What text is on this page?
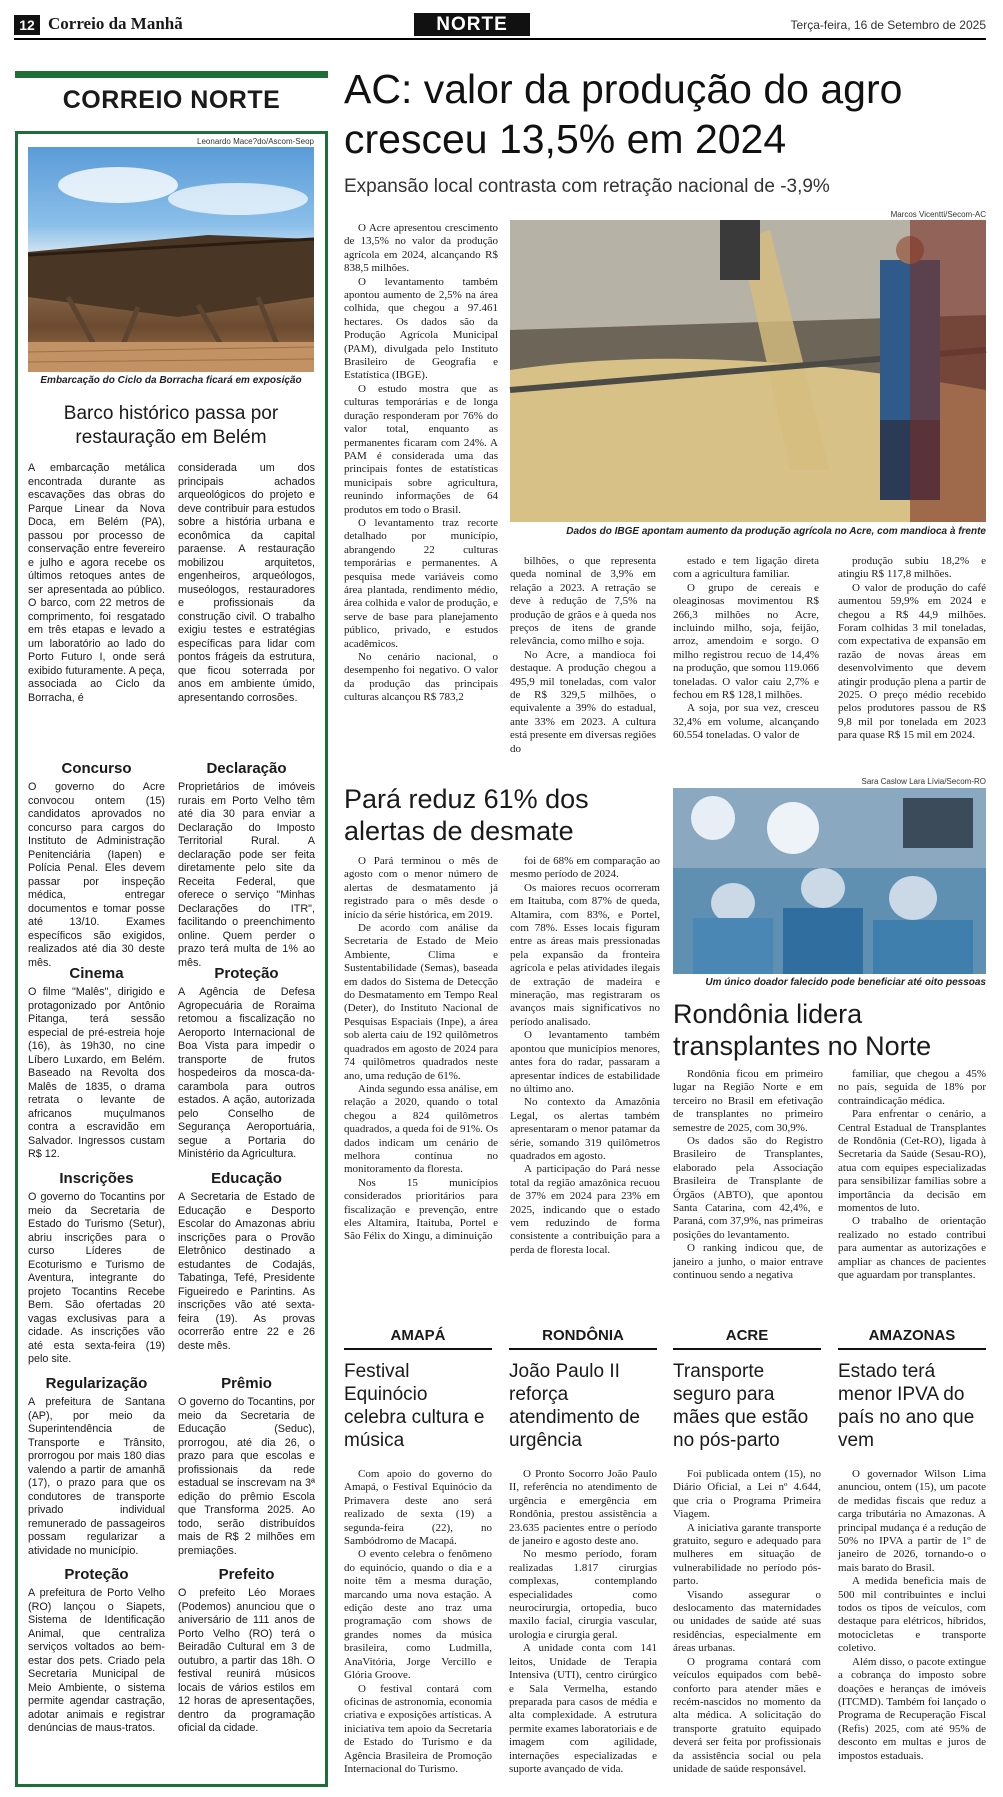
12 Correio da Manhã	NORTE	Terça-feira, 16 de Setembro de 2025
CORREIO NORTE
Leonardo Mace?do/Ascom-Seop
Embarcação do Ciclo da Borracha ficará em exposição
Barco histórico passa por restauração em Belém
A embarcação metálica encontrada durante as escavações das obras do Parque Linear da Nova Doca, em Belém (PA), passou por processo de conservação entre fevereiro e julho e agora recebe os últimos retoques antes de ser apresentada ao público. O barco, com 22 metros de comprimento, foi resgatado em três etapas e levado a um laboratório ao lado do Porto Futuro I, onde será exibido futuramente. A peça, associada ao Ciclo da Borracha, é
considerada um dos principais achados arqueológicos do projeto e deve contribuir para estudos sobre a história urbana e econômica da capital paraense. A restauração mobilizou arquitetos, engenheiros, arqueólogos, museólogos, restauradores e profissionais da construção civil. O trabalho exigiu testes e estratégias específicas para lidar com pontos frágeis da estrutura, que ficou soterrada por anos em ambiente úmido, apresentando corrosões.
Concurso
O governo do Acre convocou ontem (15) candidatos aprovados no concurso para cargos do Instituto de Administração Penitenciária (Iapen) e Polícia Penal. Eles devem passar por inspeção médica, entregar documentos e tomar posse até 13/10. Exames específicos são exigidos, realizados até dia 30 deste mês.
Cinema
O filme "Malês", dirigido e protagonizado por Antônio Pitanga, terá sessão especial de pré-estreia hoje (16), às 19h30, no cine Líbero Luxardo, em Belém. Baseado na Revolta dos Malês de 1835, o drama retrata o levante de africanos muçulmanos contra a escravidão em Salvador. Ingressos custam R$ 12.
Inscrições
O governo do Tocantins por meio da Secretaria de Estado do Turismo (Setur), abriu inscrições para o curso Líderes de Ecoturismo e Turismo de Aventura, integrante do projeto Tocantins Recebe Bem. São ofertadas 20 vagas exclusivas para a cidade. As inscrições vão até esta sexta-feira (19) pelo site.
Regularização
A prefeitura de Santana (AP), por meio da Superintendência de Transporte e Trânsito, prorrogou por mais 180 dias valendo a partir de amanhã (17), o prazo para que os condutores de transporte privado individual remunerado de passageiros possam regularizar a atividade no município.
Proteção
A prefeitura de Porto Velho (RO) lançou o Siapets, Sistema de Identificação Animal, que centraliza serviços voltados ao bem-estar dos pets. Criado pela Secretaria Municipal de Meio Ambiente, o sistema permite agendar castração, adotar animais e registrar denúncias de maus-tratos.
Declaração
Proprietários de imóveis rurais em Porto Velho têm até dia 30 para enviar a Declaração do Imposto Territorial Rural. A declaração pode ser feita diretamente pelo site da Receita Federal, que oferece o serviço "Minhas Declarações do ITR", facilitando o preenchimento online. Quem perder o prazo terá multa de 1% ao mês.
Proteção
A Agência de Defesa Agropecuária de Roraima retomou a fiscalização no Aeroporto Internacional de Boa Vista para impedir o transporte de frutos hospedeiros da mosca-da-carambola para outros estados. A ação, autorizada pelo Conselho de Segurança Aeroportuária, segue a Portaria do Ministério da Agricultura.
Educação
A Secretaria de Estado de Educação e Desporto Escolar do Amazonas abriu inscrições para o Provão Eletrônico destinado a estudantes de Codajás, Tabatinga, Tefé, Presidente Figueiredo e Parintins. As inscrições vão até sexta-feira (19). As provas ocorrerão entre 22 e 26 deste mês.
Prêmio
O governo do Tocantins, por meio da Secretaria de Educação (Seduc), prorrogou, até dia 26, o prazo para que escolas e profissionais da rede estadual se inscrevam na 3ª edição do prêmio Escola que Transforma 2025. Ao todo, serão distribuídos mais de R$ 2 milhões em premiações.
Prefeito
O prefeito Léo Moraes (Podemos) anunciou que o aniversário de 111 anos de Porto Velho (RO) terá o Beiradão Cultural em 3 de outubro, a partir das 18h. O festival reunirá músicos locais de vários estilos em 12 horas de apresentações, dentro da programação oficial da cidade.
AC: valor da produção do agro cresceu 13,5% em 2024
Expansão local contrasta com retração nacional de -3,9%
Marcos Vicentti/Secom-AC
Dados do IBGE apontam aumento da produção agrícola no Acre, com mandioca à frente

O Acre apresentou crescimento de 13,5% no valor da produção agrícola em 2024, alcançando R$ 838,5 milhões.

O levantamento também apontou aumento de 2,5% na área colhida, que chegou a 97.461 hectares. Os dados são da Produção Agrícola Municipal (PAM), divulgada pelo Instituto Brasileiro de Geografia e Estatística (IBGE).

O estudo mostra que as culturas temporárias e de longa duração responderam por 76% do valor total, enquanto as permanentes ficaram com 24%. A PAM é considerada uma das principais fontes de estatísticas municipais sobre agricultura, reunindo informações de 64 produtos em todo o Brasil.

O levantamento traz recorte detalhado por município, abrangendo 22 culturas temporárias e permanentes. A pesquisa mede variáveis como área plantada, rendimento médio, área colhida e valor de produção, e serve de base para planejamento público, privado, e estudos acadêmicos.

No cenário nacional, o desempenho foi negativo. O valor da produção das principais culturas alcançou R$ 783,2

bilhões, o que representa queda nominal de 3,9% em relação a 2023. A retração se deve à redução de 7,5% na produção de grãos e à queda nos preços de itens de grande relevância, como milho e soja.

No Acre, a mandioca foi destaque. A produção chegou a 495,9 mil toneladas, com valor de R$ 329,5 milhões, o equivalente a 39% do estadual, ante 33% em 2023. A cultura está presente em diversas regiões do

estado e tem ligação direta com a agricultura familiar.

O grupo de cereais e oleaginosas movimentou R$ 266,3 milhões no Acre, incluindo milho, soja, feijão, arroz, amendoim e sorgo. O milho registrou recuo de 14,4% na produção, que somou 119.066 toneladas. O valor caiu 2,7% e fechou em R$ 128,1 milhões.

A soja, por sua vez, cresceu 32,4% em volume, alcançando 60.554 toneladas. O valor de

produção subiu 18,2% e atingiu R$ 117,8 milhões.

O valor de produção do café aumentou 59,9% em 2024 e chegou a R$ 44,9 milhões. Foram colhidas 3 mil toneladas, com expectativa de expansão em razão de novas áreas em desenvolvimento que devem atingir produção plena a partir de 2025. O preço médio recebido pelos produtores passou de R$ 9,8 mil por tonelada em 2023 para quase R$ 15 mil em 2024.

Pará reduz 61% dos alertas de desmate

O Pará terminou o mês de agosto com o menor número de alertas de desmatamento já registrado para o mês desde o início da série histórica, em 2019.

De acordo com análise da Secretaria de Estado de Meio Ambiente, Clima e Sustentabilidade (Semas), baseada em dados do Sistema de Detecção do Desmatamento em Tempo Real (Deter), do Instituto Nacional de Pesquisas Espaciais (Inpe), a área sob alerta caiu de 192 quilômetros quadrados em agosto de 2024 para 74 quilômetros quadrados neste ano, uma redução de 61%.

Ainda segundo essa análise, em relação a 2020, quando o total chegou a 824 quilômetros quadrados, a queda foi de 91%. Os dados indicam um cenário de melhora contínua no monitoramento da floresta.

Nos 15 municípios considerados prioritários para fiscalização e prevenção, entre eles Altamira, Itaituba, Portel e São Félix do Xingu, a diminuição

foi de 68% em comparação ao mesmo período de 2024.

Os maiores recuos ocorreram em Itaituba, com 87% de queda, Altamira, com 83%, e Portel, com 78%. Esses locais figuram entre as áreas mais pressionadas pela expansão da fronteira agrícola e pelas atividades ilegais de extração de madeira e mineração, mas registraram os avanços mais significativos no período analisado.

O levantamento também apontou que municípios menores, antes fora do radar, passaram a apresentar índices de estabilidade no último ano.

No contexto da Amazônia Legal, os alertas também apresentaram o menor patamar da série, somando 319 quilômetros quadrados em agosto.

A participação do Pará nesse total da região amazônica recuou de 37% em 2024 para 23% em 2025, indicando que o estado vem reduzindo de forma consistente a contribuição para a perda de floresta local.

Sara Caslow Lara Lívia/Secom-RO
Um único doador falecido pode beneficiar até oito pessoas
Rondônia lidera transplantes no Norte

Rondônia ficou em primeiro lugar na Região Norte e em terceiro no Brasil em efetivação de transplantes no primeiro semestre de 2025, com 30,9%.

Os dados são do Registro Brasileiro de Transplantes, elaborado pela Associação Brasileira de Transplante de Órgãos (ABTO), que apontou Santa Catarina, com 42,4%, e Paraná, com 37,9%, nas primeiras posições do levantamento.

O ranking indicou que, de janeiro a junho, o maior entrave continuou sendo a negativa

familiar, que chegou a 45% no país, seguida de 18% por contraindicação médica.

Para enfrentar o cenário, a Central Estadual de Transplantes de Rondônia (Cet-RO), ligada à Secretaria da Saúde (Sesau-RO), atua com equipes especializadas para sensibilizar famílias sobre a importância da decisão em momentos de luto.

O trabalho de orientação realizado no estado contribui para aumentar as autorizações e ampliar as chances de pacientes que aguardam por transplantes.

AMAPÁ
Festival Equinócio celebra cultura e música

Com apoio do governo do Amapá, o Festival Equinócio da Primavera deste ano será realizado de sexta (19) a segunda-feira (22), no Sambódromo de Macapá.

O evento celebra o fenômeno do equinócio, quando o dia e a noite têm a mesma duração, marcando uma nova estação. A edição deste ano traz uma programação com shows de grandes nomes da música brasileira, como Ludmilla, AnaVitória, Jorge Vercillo e Glória Groove.

O festival contará com oficinas de astronomia, economia criativa e exposições artísticas. A iniciativa tem apoio da Secretaria de Estado do Turismo e da Agência Brasileira de Promoção Internacional do Turismo.

RONDÔNIA
João Paulo II reforça atendimento de urgência

O Pronto Socorro João Paulo II, referência no atendimento de urgência e emergência em Rondônia, prestou assistência a 23.635 pacientes entre o período de janeiro e agosto deste ano.

No mesmo período, foram realizadas 1.817 cirurgias complexas, contemplando especialidades como neurocirurgia, ortopedia, buco maxilo facial, cirurgia vascular, urologia e cirurgia geral.

A unidade conta com 141 leitos, Unidade de Terapia Intensiva (UTI), centro cirúrgico e Sala Vermelha, estando preparada para casos de média e alta complexidade. A estrutura permite exames laboratoriais e de imagem com agilidade, internações especializadas e suporte avançado de vida.

ACRE
Transporte seguro para mães que estão no pós-parto

Foi publicada ontem (15), no Diário Oficial, a Lei nº 4.644, que cria o Programa Primeira Viagem.

A iniciativa garante transporte gratuito, seguro e adequado para mulheres em situação de vulnerabilidade no período pós-parto.

Visando assegurar o deslocamento das maternidades ou unidades de saúde até suas residências, especialmente em áreas urbanas.

O programa contará com veículos equipados com bebê-conforto para atender mães e recém-nascidos no momento da alta médica. A solicitação do transporte gratuito equipado deverá ser feita por profissionais da assistência social ou pela unidade de saúde responsável.

AMAZONAS
Estado terá menor IPVA do país no ano que vem

O governador Wilson Lima anunciou, ontem (15), um pacote de medidas fiscais que reduz a carga tributária no Amazonas. A principal mudança é a redução de 50% no IPVA a partir de 1º de janeiro de 2026, tornando-o o mais barato do Brasil.

A medida beneficia mais de 500 mil contribuintes e inclui todos os tipos de veículos, com destaque para elétricos, híbridos, motocicletas e transporte coletivo.

Além disso, o pacote extingue a cobrança do imposto sobre doações e heranças de imóveis (ITCMD). Também foi lançado o Programa de Recuperação Fiscal (Refis) 2025, com até 95% de desconto em multas e juros de impostos estaduais.
